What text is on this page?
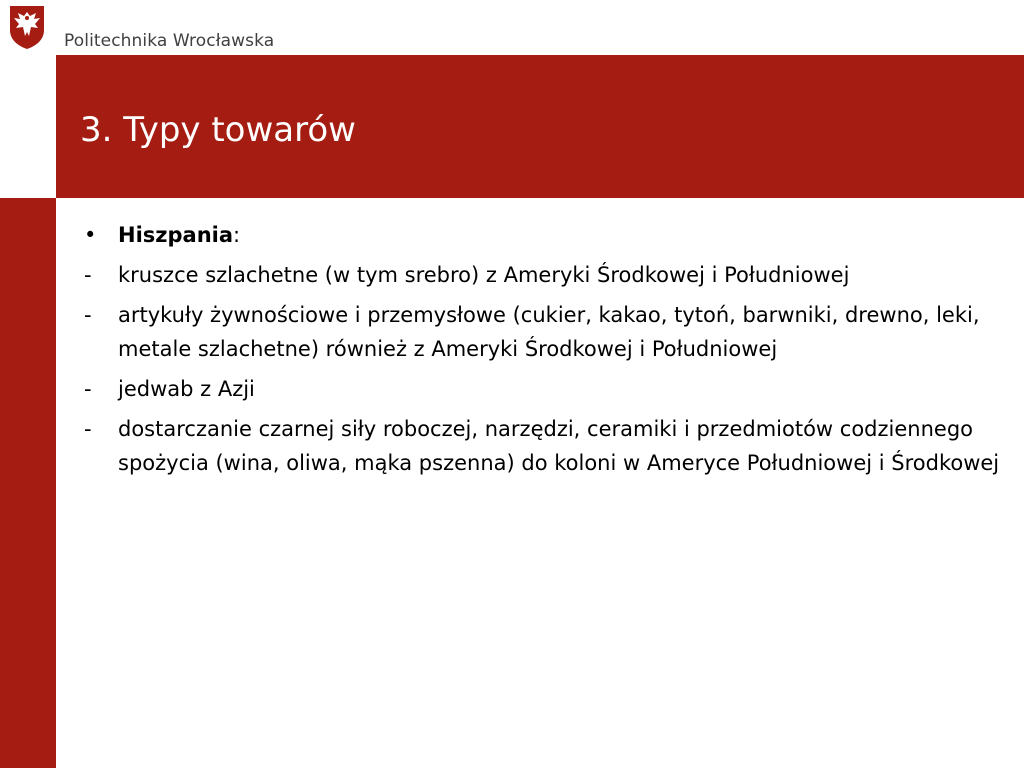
Politechnika Wrocławska
3. Typy towarów
•	Hiszpania:
-	kruszce szlachetne (w tym srebro) z Ameryki Środkowej i Południowej
-	artykuły żywnościowe i przemysłowe (cukier, kakao, tytoń, barwniki, drewno, leki, metale szlachetne) również z Ameryki Środkowej i Południowej
-	jedwab z Azji
-	dostarczanie czarnej siły roboczej, narzędzi, ceramiki i przedmiotów codziennego spożycia (wina, oliwa, mąka pszenna) do koloni w Ameryce Południowej i Środkowej
